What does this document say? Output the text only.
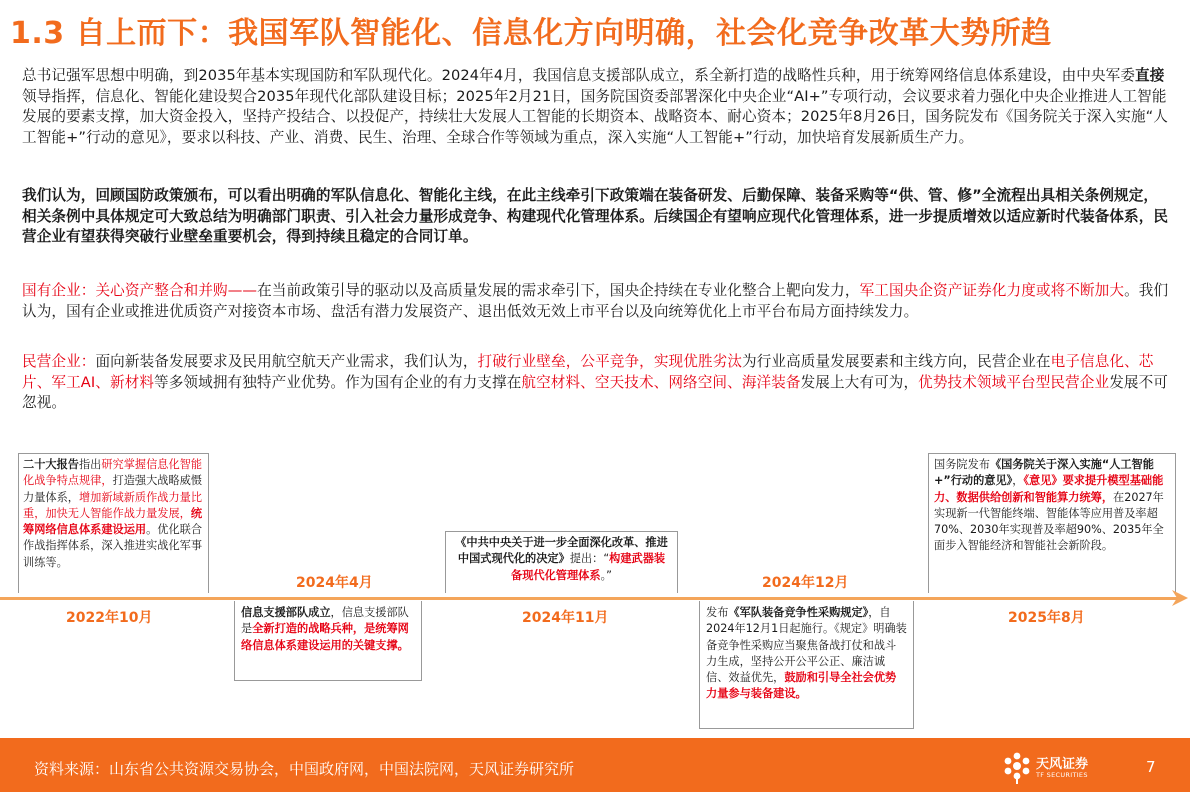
1.3 自上而下：我国军队智能化、信息化方向明确，社会化竞争改革大势所趋
总书记强军思想中明确，到2035年基本实现国防和军队现代化。2024年4月，我国信息支援部队成立，系全新打造的战略性兵种，用于统筹网络信息体系建设，由中央军委直接领导指挥，信息化、智能化建设契合2035年现代化部队建设目标；2025年2月21日，国务院国资委部署深化中央企业“AI+”专项行动，会议要求着力强化中央企业推进人工智能发展的要素支撑，加大资金投入，坚持产投结合、以投促产，持续壮大发展人工智能的长期资本、战略资本、耐心资本；2025年8月26日，国务院发布《国务院关于深入实施“人工智能+”行动的意见》，要求以科技、产业、消费、民生、治理、全球合作等领域为重点，深入实施“人工智能+”行动，加快培育发展新质生产力。
我们认为，回顾国防政策颁布，可以看出明确的军队信息化、智能化主线，在此主线牵引下政策端在装备研发、后勤保障、装备采购等“供、管、修”全流程出具相关条例规定，相关条例中具体规定可大致总结为明确部门职责、引入社会力量形成竞争、构建现代化管理体系。后续国企有望响应现代化管理体系，进一步提质增效以适应新时代装备体系，民营企业有望获得突破行业壁垒重要机会，得到持续且稳定的合同订单。
国有企业：关心资产整合和并购——在当前政策引导的驱动以及高质量发展的需求牵引下，国央企持续在专业化整合上靶向发力，军工国央企资产证券化力度或将不断加大。我们认为，国有企业或推进优质资产对接资本市场、盘活有潜力发展资产、退出低效无效上市平台以及向统筹优化上市平台布局方面持续发力。
民营企业：面向新装备发展要求及民用航空航天产业需求，我们认为，打破行业壁垒，公平竞争，实现优胜劣汰为行业高质量发展要素和主线方向，民营企业在电子信息化、芯片、军工AI、新材料等多领域拥有独特产业优势。作为国有企业的有力支撑在航空材料、空天技术、网络空间、海洋装备发展上大有可为，优势技术领域平台型民营企业发展不可忽视。
二十大报告指出研究掌握信息化智能化战争特点规律，打造强大战略威慑力量体系，增加新域新质作战力量比重，加快无人智能作战力量发展，统筹网络信息体系建设运用。优化联合作战指挥体系，深入推进实战化军事训练等。
信息支援部队成立，信息支援部队是全新打造的战略兵种，是统筹网络信息体系建设运用的关键支撑。
《中共中央关于进一步全面深化改革、推进中国式现代化的决定》提出：“构建武器装备现代化管理体系。”
发布《军队装备竞争性采购规定》，自2024年12月1日起施行。《规定》明确装备竞争性采购应当聚焦备战打仗和战斗力生成，坚持公开公平公正、廉洁诚信、效益优先，鼓励和引导全社会优势力量参与装备建设。
国务院发布《国务院关于深入实施“人工智能+”行动的意见》，《意见》要求提升模型基础能力、数据供给创新和智能算力统筹，在2027年实现新一代智能终端、智能体等应用普及率超70%、2030年实现普及率超90%、2035年全面步入智能经济和智能社会新阶段。
2022年10月
2024年4月
2024年11月
2024年12月
2025年8月
资料来源：山东省公共资源交易协会，中国政府网，中国法院网，天风证券研究所	天风证券
TF SECURITIES	7
